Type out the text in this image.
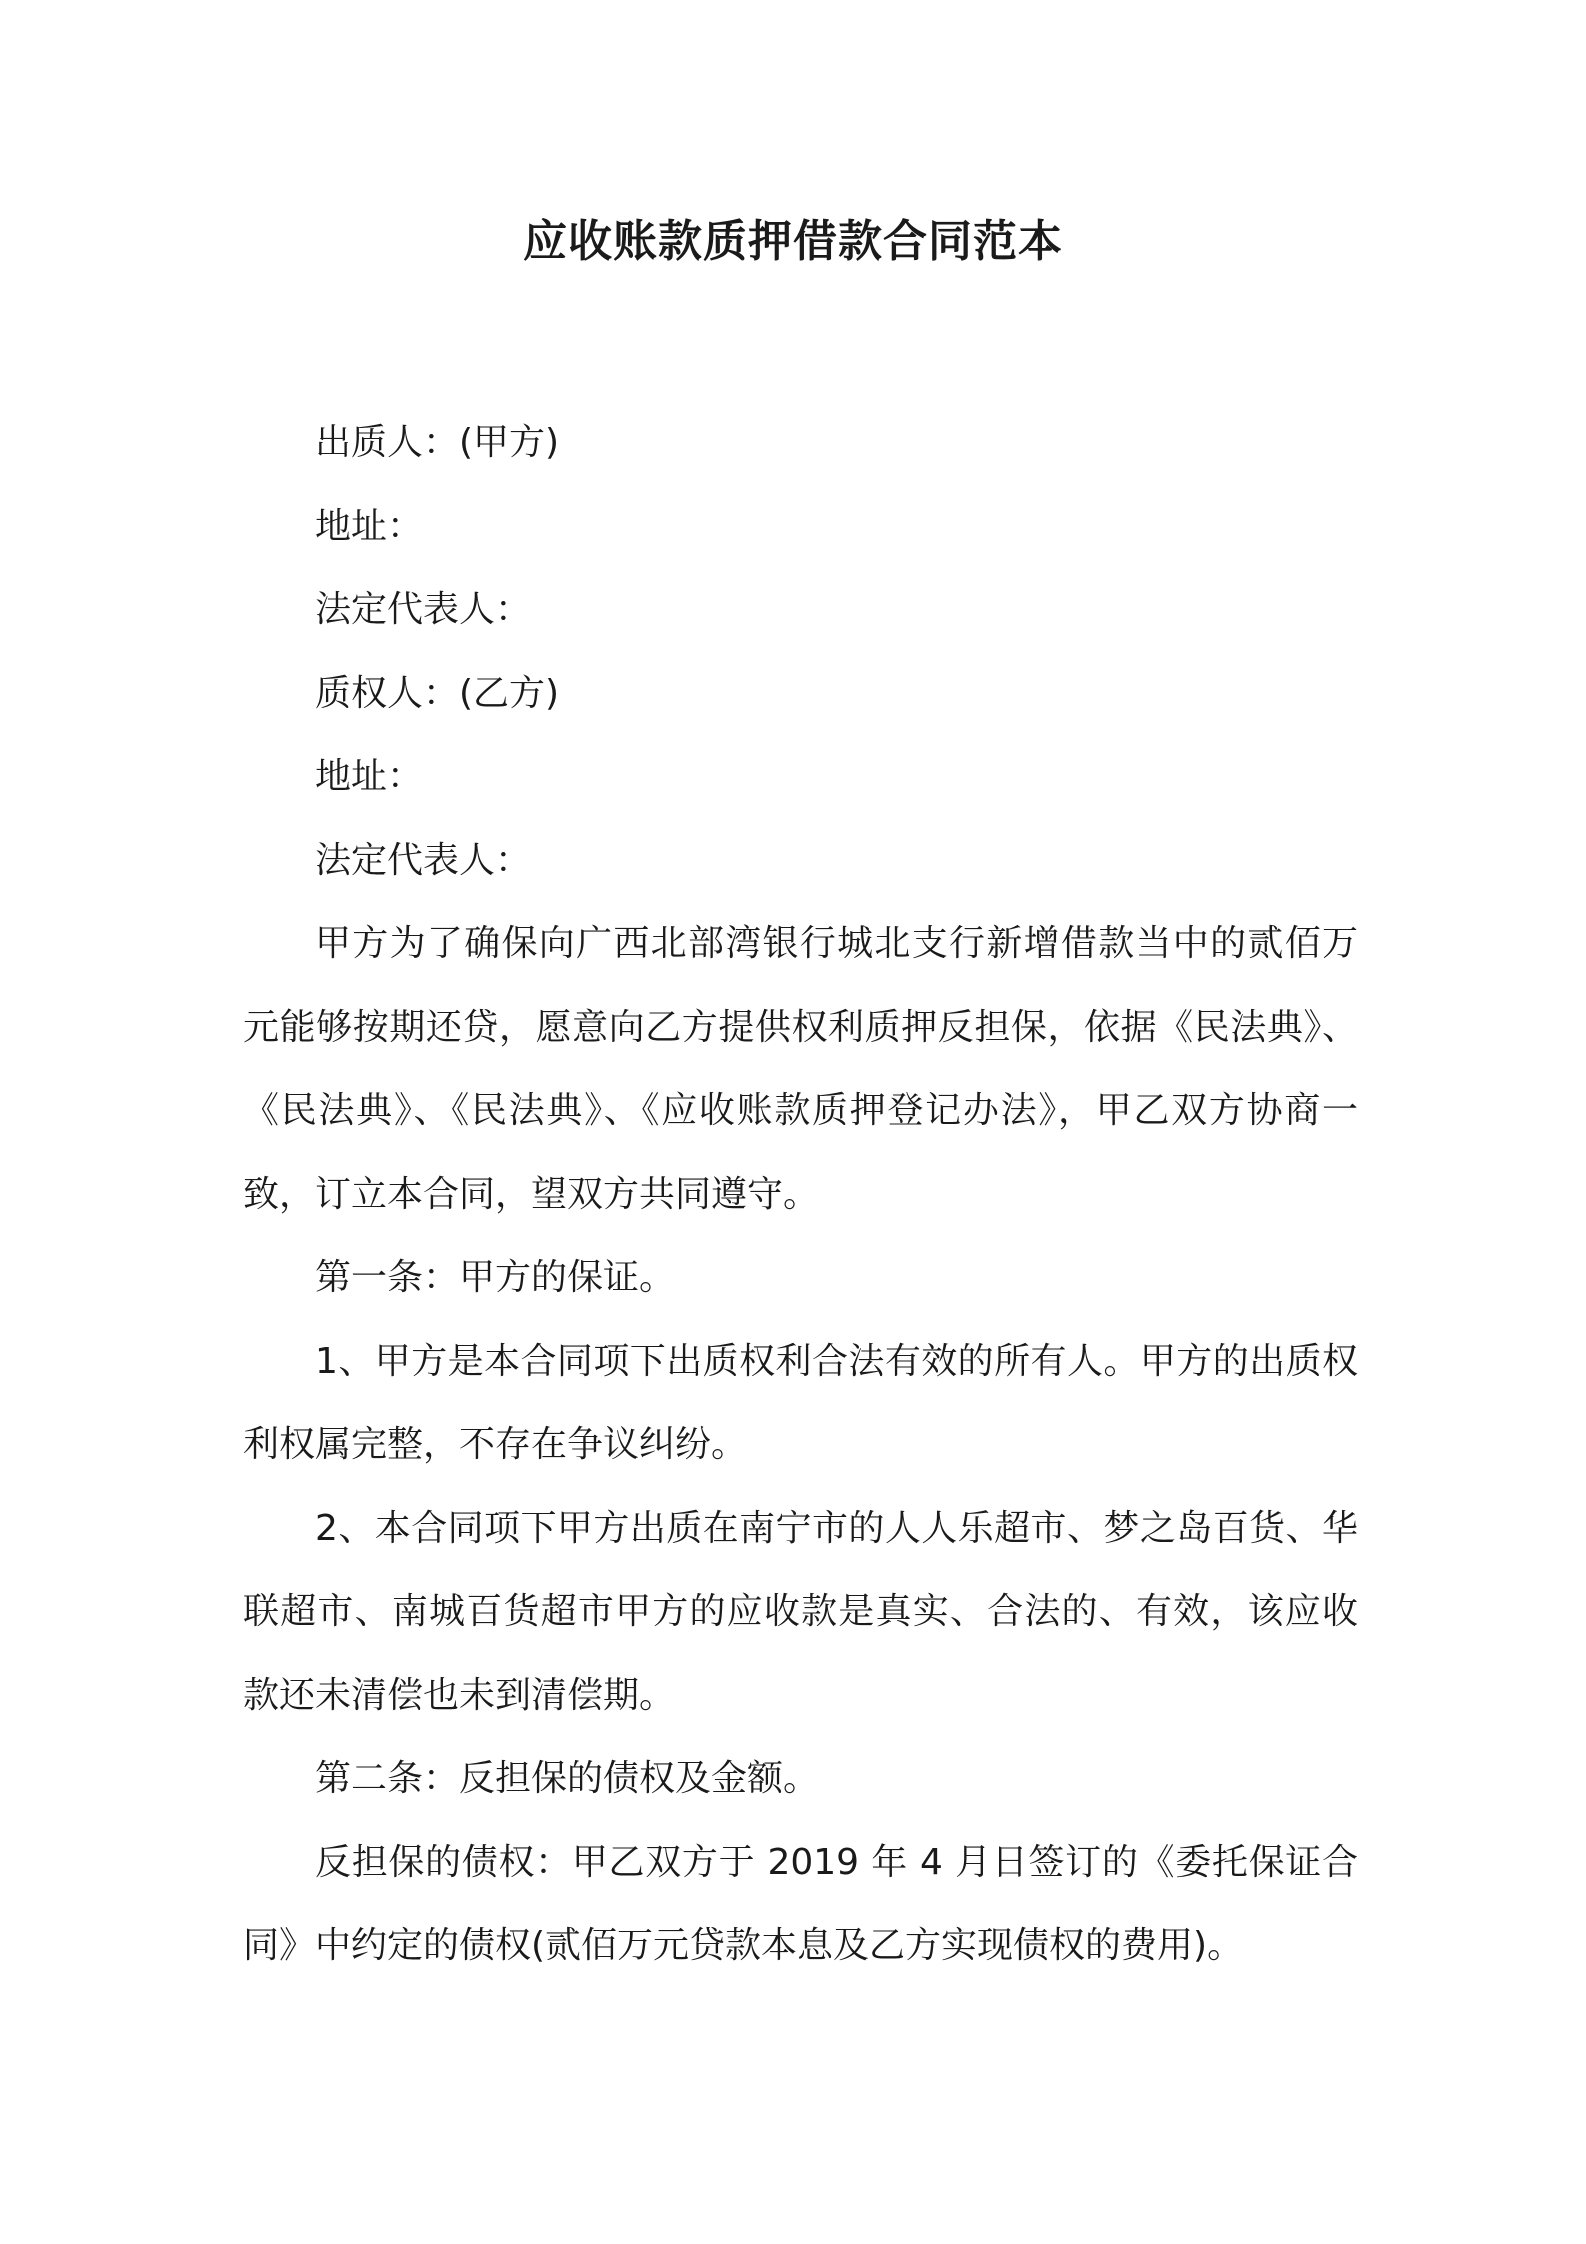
应收账款质押借款合同范本

出质人：(甲方)

地址：

法定代表人：

质权人：(乙方)

地址：

法定代表人：

甲方为了确保向广西北部湾银行城北支行新增借款当中的贰佰万元能够按期还贷，愿意向乙方提供权利质押反担保，依据《民法典》、《民法典》、《民法典》、《应收账款质押登记办法》，甲乙双方协商一致，订立本合同，望双方共同遵守。

第一条：甲方的保证。

1、甲方是本合同项下出质权利合法有效的所有人。甲方的出质权利权属完整，不存在争议纠纷。

2、本合同项下甲方出质在南宁市的人人乐超市、梦之岛百货、华联超市、南城百货超市甲方的应收款是真实、合法的、有效，该应收款还未清偿也未到清偿期。

第二条：反担保的债权及金额。

反担保的债权：甲乙双方于 2019 年 4 月日签订的《委托保证合同》中约定的债权(贰佰万元贷款本息及乙方实现债权的费用)。
